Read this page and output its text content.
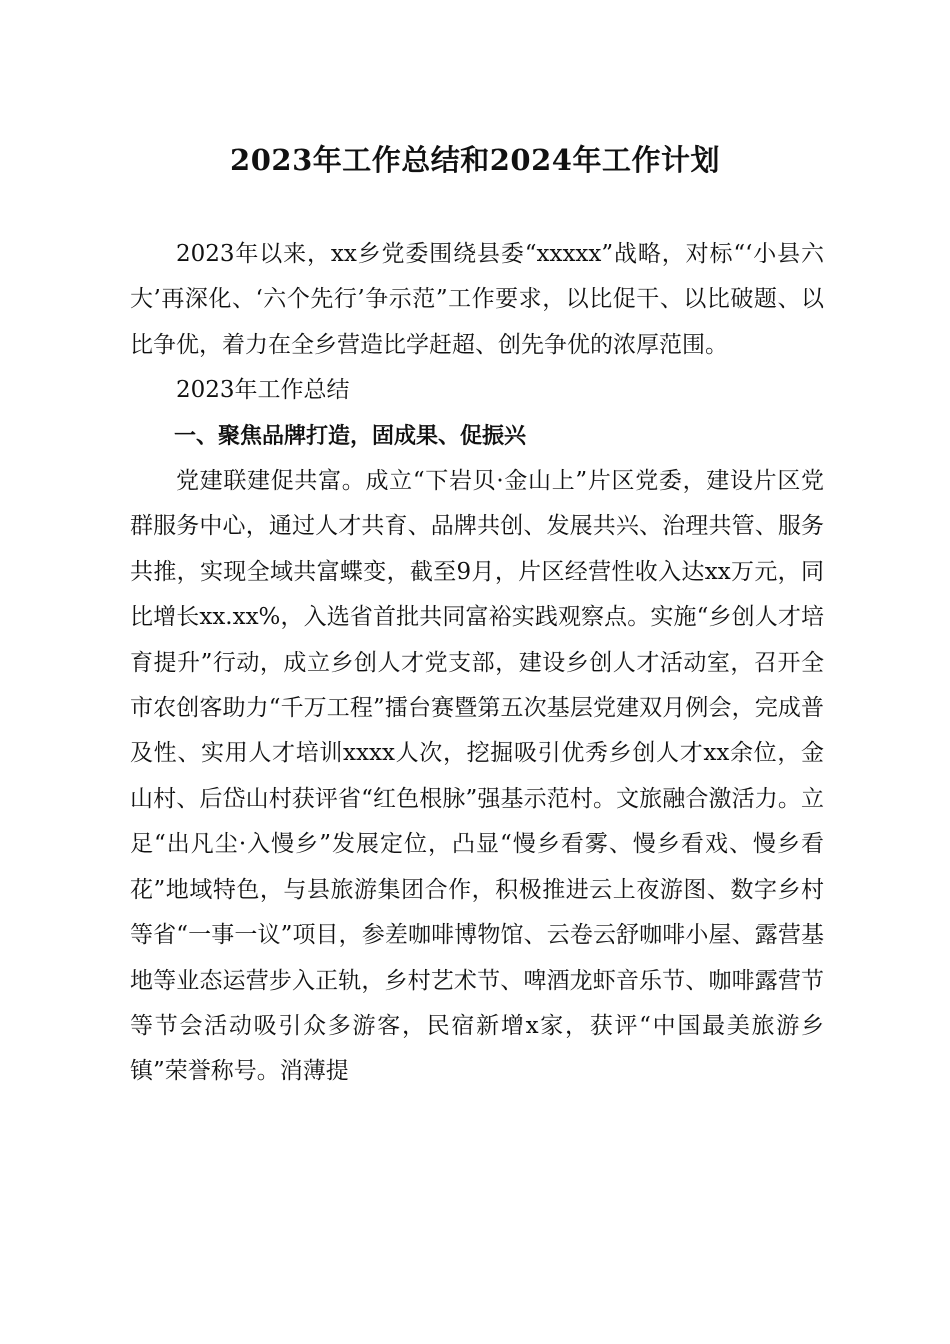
2023年工作总结和2024年工作计划

2023年以来，xx乡党委围绕县委“xxxxx”战略，对标“‘小县六大’再深化、‘六个先行’争示范”工作要求，以比促干、以比破题、以比争优，着力在全乡营造比学赶超、创先争优的浓厚范围。

2023年工作总结

一、聚焦品牌打造，固成果、促振兴

党建联建促共富。成立“下岩贝·金山上”片区党委，建设片区党群服务中心，通过人才共育、品牌共创、发展共兴、治理共管、服务共推，实现全域共富蝶变，截至9月，片区经营性收入达xx万元，同比增长xx.xx%，入选省首批共同富裕实践观察点。实施“乡创人才培育提升”行动，成立乡创人才党支部，建设乡创人才活动室，召开全市农创客助力“千万工程”擂台赛暨第五次基层党建双月例会，完成普及性、实用人才培训xxxx人次，挖掘吸引优秀乡创人才xx余位，金山村、后岱山村获评省“红色根脉”强基示范村。文旅融合激活力。立足“出凡尘·入慢乡”发展定位，凸显“慢乡看雾、慢乡看戏、慢乡看花”地域特色，与县旅游集团合作，积极推进云上夜游图、数字乡村等省“一事一议”项目，参差咖啡博物馆、云卷云舒咖啡小屋、露营基地等业态运营步入正轨，乡村艺术节、啤酒龙虾音乐节、咖啡露营节等节会活动吸引众多游客，民宿新增x家，获评“中国最美旅游乡镇”荣誉称号。消薄提
